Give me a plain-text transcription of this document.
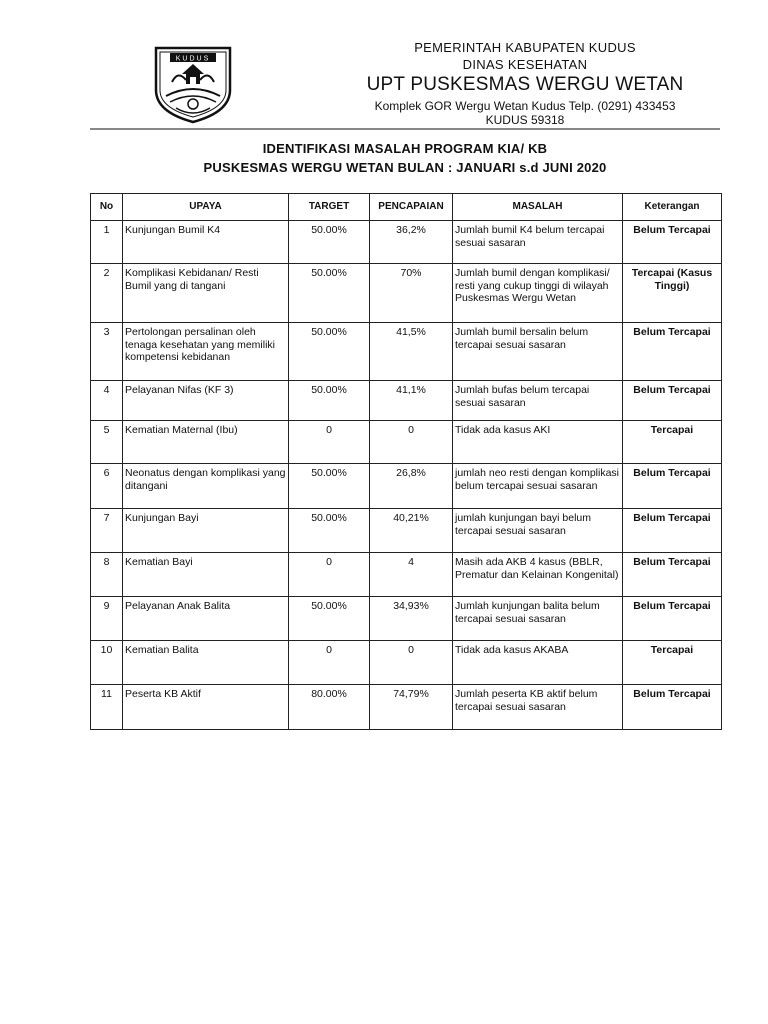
KUDUS
PEMERINTAH KABUPATEN KUDUS
DINAS KESEHATAN
UPT PUSKESMAS WERGU WETAN
Komplek GOR Wergu Wetan Kudus Telp. (0291) 433453
KUDUS 59318
IDENTIFIKASI MASALAH PROGRAM KIA/ KB
PUSKESMAS WERGU WETAN BULAN : JANUARI s.d JUNI 2020
No	UPAYA	TARGET	PENCAPAIAN	MASALAH	Keterangan
1	Kunjungan Bumil K4	50.00%	36,2%	Jumlah bumil K4 belum tercapai sesuai sasaran	Belum Tercapai
2	Komplikasi Kebidanan/ Resti Bumil yang di tangani	50.00%	70%	Jumlah bumil dengan komplikasi/ resti yang cukup tinggi di wilayah Puskesmas Wergu Wetan	Tercapai (Kasus Tinggi)
3	Pertolongan persalinan oleh tenaga kesehatan yang memiliki kompetensi kebidanan	50.00%	41,5%	Jumlah bumil bersalin belum tercapai sesuai sasaran	Belum Tercapai
4	Pelayanan Nifas (KF 3)	50.00%	41,1%	Jumlah bufas belum tercapai sesuai sasaran	Belum Tercapai
5	Kematian Maternal (Ibu)	0	0	Tidak ada kasus AKI	Tercapai
6	Neonatus dengan komplikasi yang ditangani	50.00%	26,8%	jumlah neo resti dengan komplikasi belum tercapai sesuai sasaran	Belum Tercapai
7	Kunjungan Bayi	50.00%	40,21%	jumlah kunjungan bayi belum tercapai sesuai sasaran	Belum Tercapai
8	Kematian Bayi	0	4	Masih ada AKB 4 kasus (BBLR, Prematur dan Kelainan Kongenital)	Belum Tercapai
9	Pelayanan Anak Balita	50.00%	34,93%	Jumlah kunjungan balita belum tercapai sesuai sasaran	Belum Tercapai
10	Kematian Balita	0	0	Tidak ada kasus AKABA	Tercapai
11	Peserta KB Aktif	80.00%	74,79%	Jumlah peserta KB aktif belum tercapai sesuai sasaran	Belum Tercapai
